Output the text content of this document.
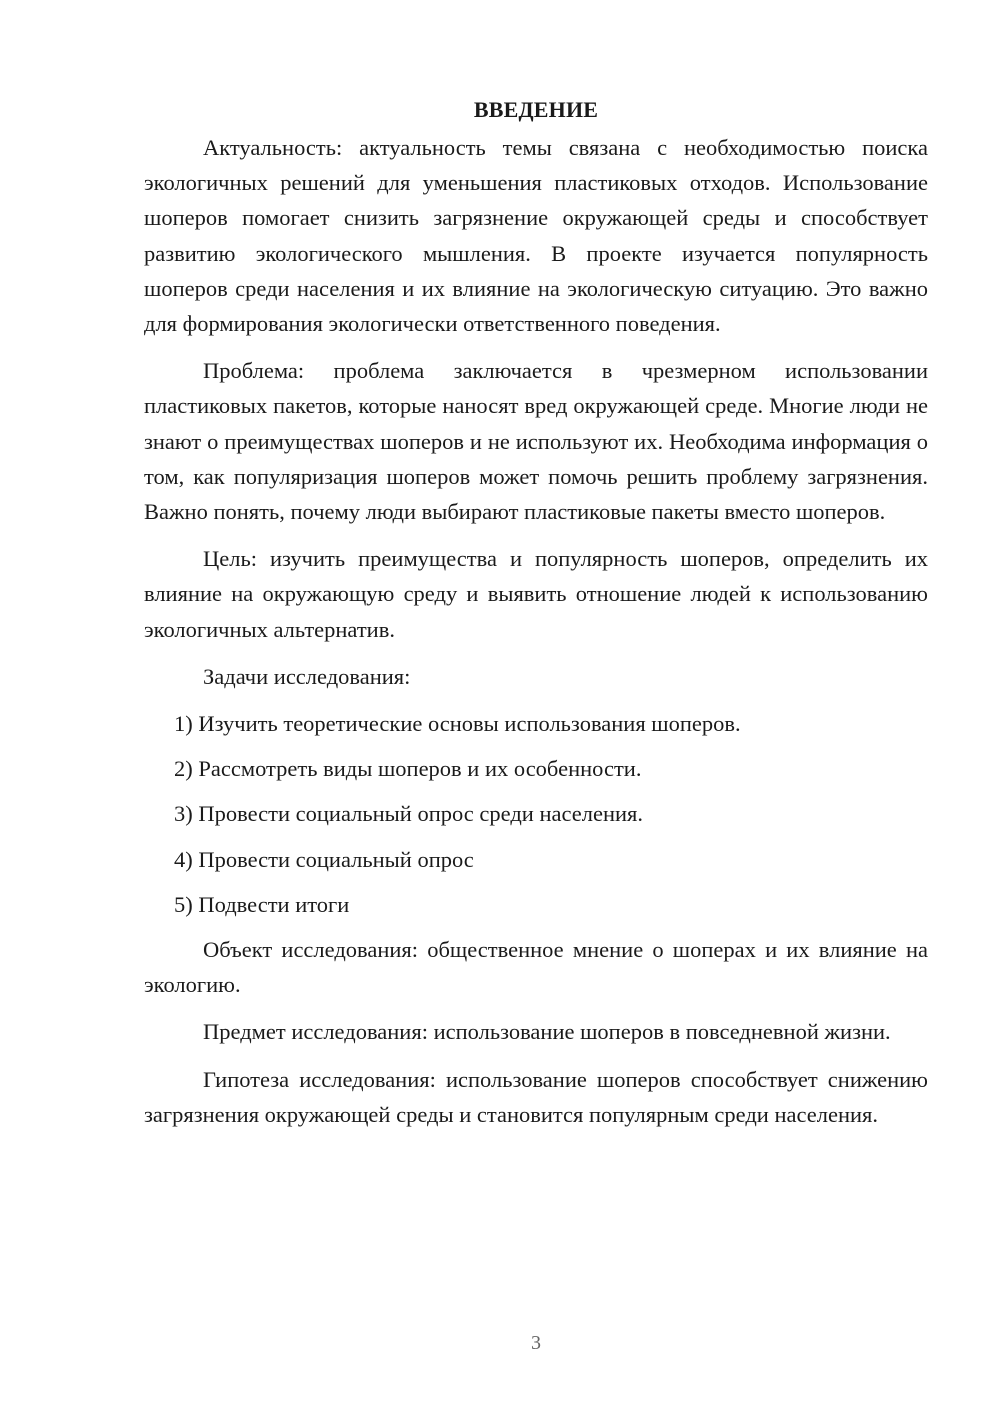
ВВЕДЕНИЕ

Актуальность: актуальность темы связана с необходимостью поиска экологичных решений для уменьшения пластиковых отходов. Использование шоперов помогает снизить загрязнение окружающей среды и способствует развитию экологического мышления. В проекте изучается популярность шоперов среди населения и их влияние на экологическую ситуацию. Это важно для формирования экологически ответственного поведения.

Проблема: проблема заключается в чрезмерном использовании пластиковых пакетов, которые наносят вред окружающей среде. Многие люди не знают о преимуществах шоперов и не используют их. Необходима информация о том, как популяризация шоперов может помочь решить проблему загрязнения. Важно понять, почему люди выбирают пластиковые пакеты вместо шоперов.

Цель: изучить преимущества и популярность шоперов, определить их влияние на окружающую среду и выявить отношение людей к использованию экологичных альтернатив.

Задачи исследования:

1) Изучить теоретические основы использования шоперов.
2) Рассмотреть виды шоперов и их особенности.
3) Провести социальный опрос среди населения.
4) Провести социальный опрос
5) Подвести итоги

Объект исследования: общественное мнение о шоперах и их влияние на экологию.

Предмет исследования: использование шоперов в повседневной жизни.

Гипотеза исследования: использование шоперов способствует снижению загрязнения окружающей среды и становится популярным среди населения.

3
